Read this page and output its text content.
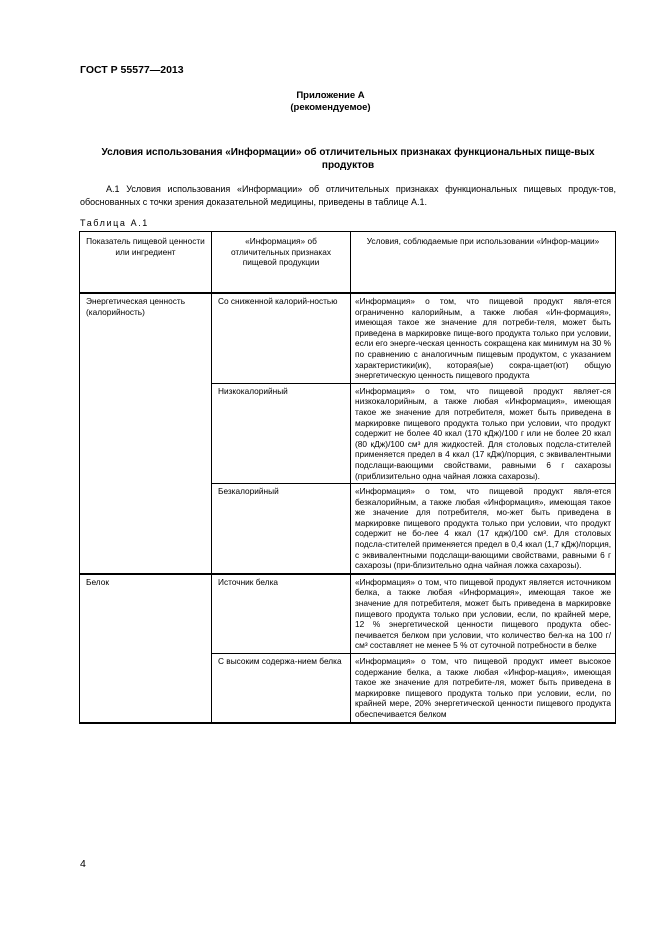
ГОСТ Р 55577—2013
Приложение А
(рекомендуемое)
Условия использования «Информации» об отличительных признаках функциональных пище-вых продуктов
А.1 Условия использования «Информации» об отличительных признаках функциональных пищевых продук-тов, обоснованных с точки зрения доказательной медицины, приведены в таблице А.1.
Таблица А.1
Показатель пищевой ценности или ингредиент	«Информация» об отличительных признаках пищевой продукции	Условия, соблюдаемые при использовании «Инфор-мации»
Энергетическая ценность (калорийность)	Со сниженной калорий-ностью	«Информация» о том, что пищевой продукт явля-ется ограниченно калорийным, а также любая «Ин-формация», имеющая такое же значение для потреби-теля, может быть приведена в маркировке пище-вого продукта только при условии, если его энерге-ческая ценность сокращена как минимум на 30 % по сравнению с аналогичным пищевым продуктом, с указанием характеристики(ик), которая(ые) сокра-щает(ют) общую энергетическую ценность пищевого продукта
	Низкокалорийный	«Информация» о том, что пищевой продукт являет-ся низкокалорийным, а также любая «Информация», имеющая такое же значение для потребителя, может быть приведена в маркировке пищевого продукта только при условии, что продукт содержит не более 40 ккал (170 кДж)/100 г или не более 20 ккал (80 кДж)/100 см³ для жидкостей. Для столовых подсла-стителей применяется предел в 4 ккал (17 кДж)/порция, с эквивалентными подслащи-вающими свойствами, равными 6 г сахарозы (приблизительно одна чайная ложка сахарозы).
	Безкалорийный	«Информация» о том, что пищевой продукт явля-ется безкалорийным, а также любая «Информация», имеющая такое же значение для потребителя, мо-жет быть приведена в маркировке пищевого продукта только при условии, что продукт содержит не бо-лее 4 ккал (17 кдж)/100 см³. Для столовых подсла-стителей применяется предел в 0,4 ккал (1,7 кДж)/порция, с эквивалентными подслащи-вающими свойствами, равными 6 г сахарозы (при-близительно одна чайная ложка сахарозы).
Белок	Источник белка	«Информация» о том, что пищевой продукт является источником белка, а также любая «Информация», имеющая такое же значение для потребителя, может быть приведена в маркировке пищевого продукта только при условии, если, по крайней мере, 12 % энергетической ценности пищевого продукта обес-печивается белком при условии, что количество бел-ка на 100 г/см³ составляет не менее 5 % от суточной потребности в белке
	С высоким содержа-нием белка	«Информация» о том, что пищевой продукт имеет высокое содержание белка, а также любая «Инфор-мация», имеющая такое же значение для потребите-ля, может быть приведена в маркировке пищевого продукта только при условии, если, по крайней мере, 20% энергетической ценности пищевого продукта обеспечивается белком
4
